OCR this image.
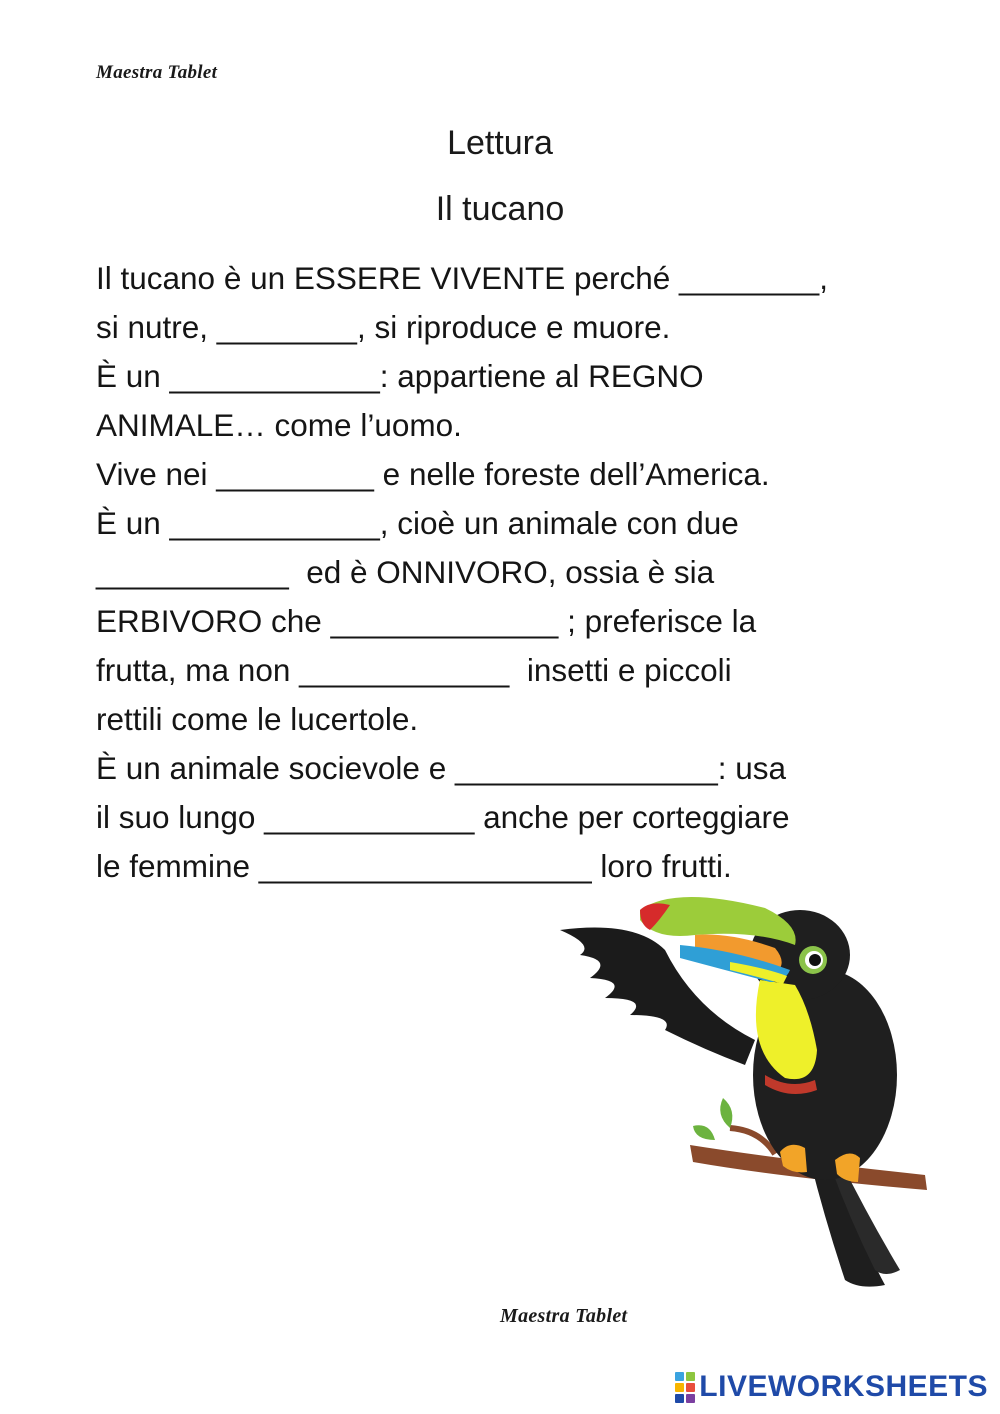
Maestra Tablet
Lettura
Il tucano
Il tucano è un ESSERE VIVENTE perché ________,
si nutre, ________, si riproduce e muore.
È un ____________: appartiene al REGNO
ANIMALE… come l’uomo.
Vive nei _________ e nelle foreste dell’America.
È un ____________, cioè un animale con due
___________  ed è ONNIVORO, ossia è sia
ERBIVORO che _____________ ; preferisce la
frutta, ma non ____________  insetti e piccoli
rettili come le lucertole.
È un animale socievole e _______________: usa
il suo lungo ____________ anche per corteggiare
le femmine ___________________ loro frutti.
Maestra Tablet
LIVEWORKSHEETS
